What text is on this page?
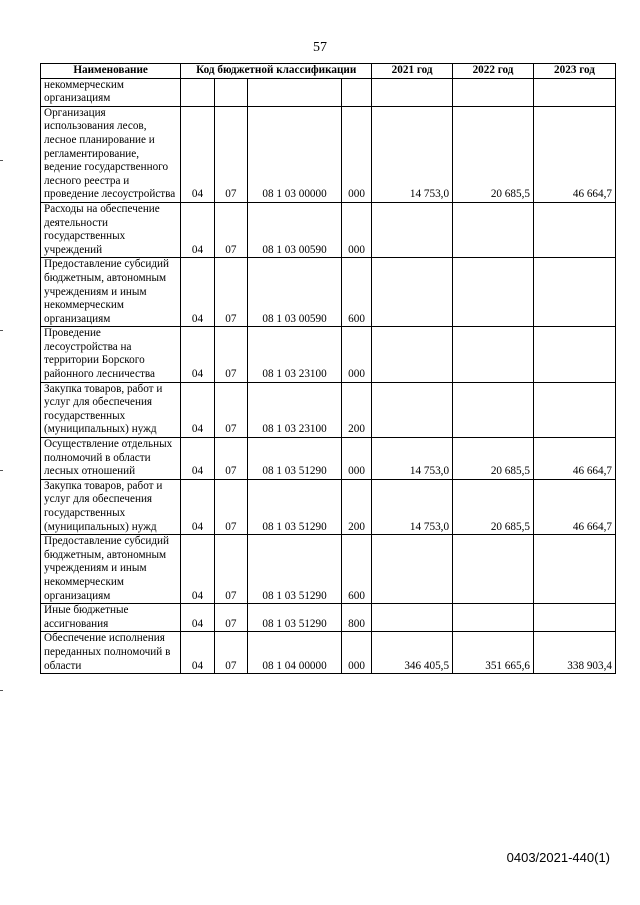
57
Наименование	Код бюджетной классификации				2021 год	2022 год	2023 год
некоммерческим организациям							
Организация использования лесов, лесное планирование и регламентирование, ведение государственного лесного реестра и проведение лесоустройства	04	07	08 1 03 00000	000	14 753,0	20 685,5	46 664,7
Расходы на обеспечение деятельности государственных учреждений	04	07	08 1 03 00590	000			
Предоставление субсидий бюджетным, автономным учреждениям и иным некоммерческим организациям	04	07	08 1 03 00590	600			
Проведение лесоустройства на территории Борского районного лесничества	04	07	08 1 03 23100	000			
Закупка товаров, работ и услуг для обеспечения государственных (муниципальных) нужд	04	07	08 1 03 23100	200			
Осуществление отдельных полномочий в области лесных отношений	04	07	08 1 03 51290	000	14 753,0	20 685,5	46 664,7
Закупка товаров, работ и услуг для обеспечения государственных (муниципальных) нужд	04	07	08 1 03 51290	200	14 753,0	20 685,5	46 664,7
Предоставление субсидий бюджетным, автономным учреждениям и иным некоммерческим организациям	04	07	08 1 03 51290	600			
Иные бюджетные ассигнования	04	07	08 1 03 51290	800			
Обеспечение исполнения переданных полномочий в области	04	07	08 1 04 00000	000	346 405,5	351 665,6	338 903,4
0403/2021-440(1)
